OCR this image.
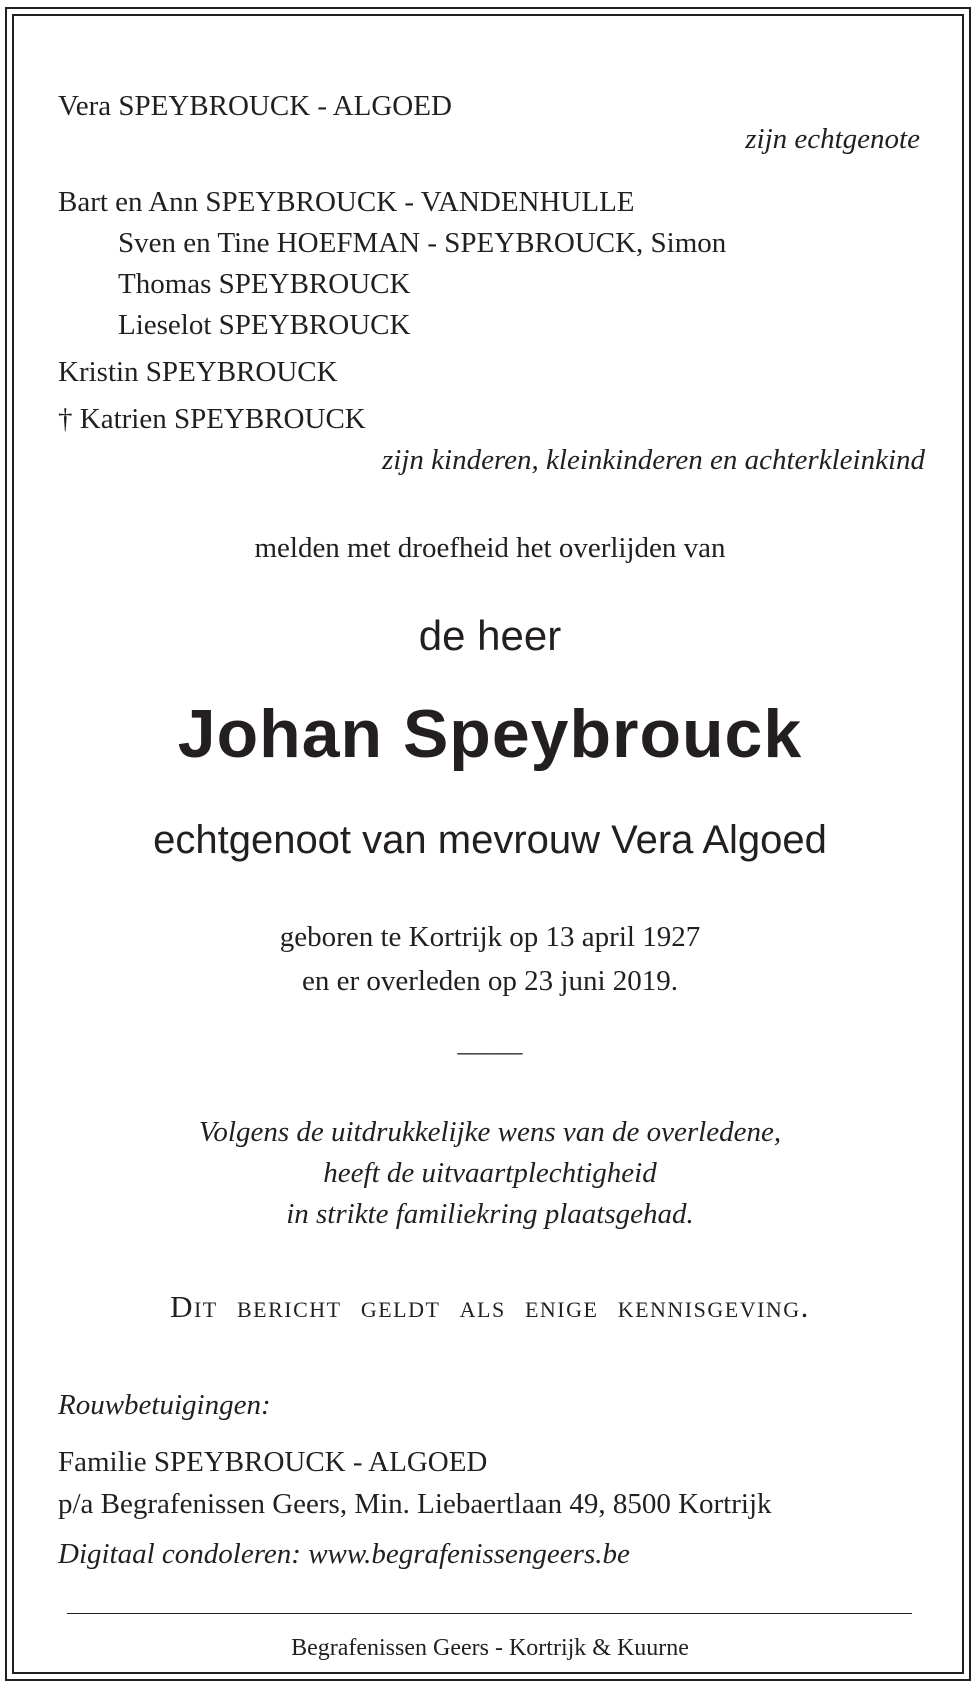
Vera SPEYBROUCK - ALGOED
zijn echtgenote
Bart en Ann SPEYBROUCK - VANDENHULLE
Sven en Tine HOEFMAN - SPEYBROUCK, Simon
Thomas SPEYBROUCK
Lieselot SPEYBROUCK
Kristin SPEYBROUCK
† Katrien SPEYBROUCK
zijn kinderen, kleinkinderen en achterkleinkind
melden met droefheid het overlijden van
de heer
Johan Speybrouck
echtgenoot van mevrouw Vera Algoed
geboren te Kortrijk op 13 april 1927
en er overleden op 23 juni 2019.
_____
Volgens de uitdrukkelijke wens van de overledene,
heeft de uitvaartplechtigheid
in strikte familiekring plaatsgehad.
Dit bericht geldt als enige kennisgeving.
Rouwbetuigingen:
Familie SPEYBROUCK - ALGOED
p/a Begrafenissen Geers, Min. Liebaertlaan 49, 8500 Kortrijk
Digitaal condoleren: www.begrafenissengeers.be
Begrafenissen Geers - Kortrijk & Kuurne
